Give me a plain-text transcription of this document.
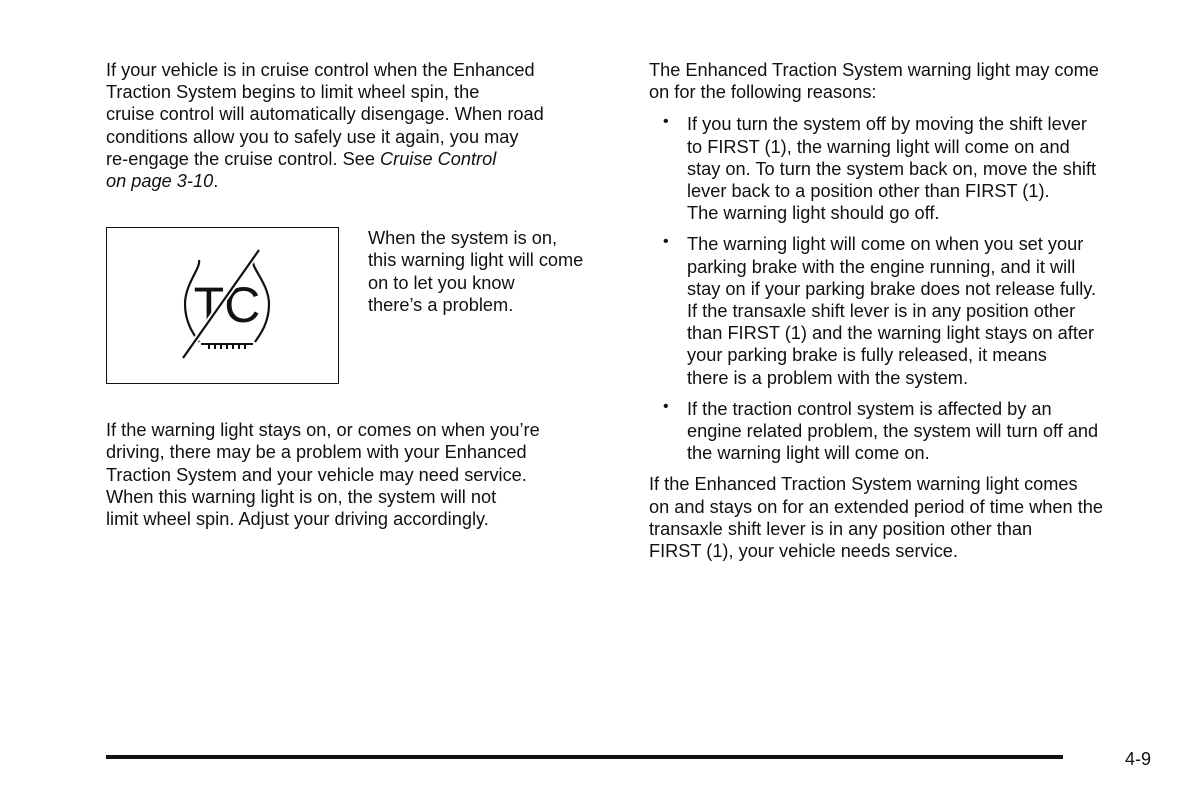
If your vehicle is in cruise control when the Enhanced
Traction System begins to limit wheel spin, the
cruise control will automatically disengage. When road
conditions allow you to safely use it again, you may
re-engage the cruise control. See Cruise Control
on page 3-10.

TC
When the system is on,
this warning light will come
on to let you know
there’s a problem.

If the warning light stays on, or comes on when you’re
driving, there may be a problem with your Enhanced
Traction System and your vehicle may need service.
When this warning light is on, the system will not
limit wheel spin. Adjust your driving accordingly.

The Enhanced Traction System warning light may come
on for the following reasons:

• If you turn the system off by moving the shift lever
to FIRST (1), the warning light will come on and
stay on. To turn the system back on, move the shift
lever back to a position other than FIRST (1).
The warning light should go off.
• The warning light will come on when you set your
parking brake with the engine running, and it will
stay on if your parking brake does not release fully.
If the transaxle shift lever is in any position other
than FIRST (1) and the warning light stays on after
your parking brake is fully released, it means
there is a problem with the system.
• If the traction control system is affected by an
engine related problem, the system will turn off and
the warning light will come on.

If the Enhanced Traction System warning light comes
on and stays on for an extended period of time when the
transaxle shift lever is in any position other than
FIRST (1), your vehicle needs service.

4-9
